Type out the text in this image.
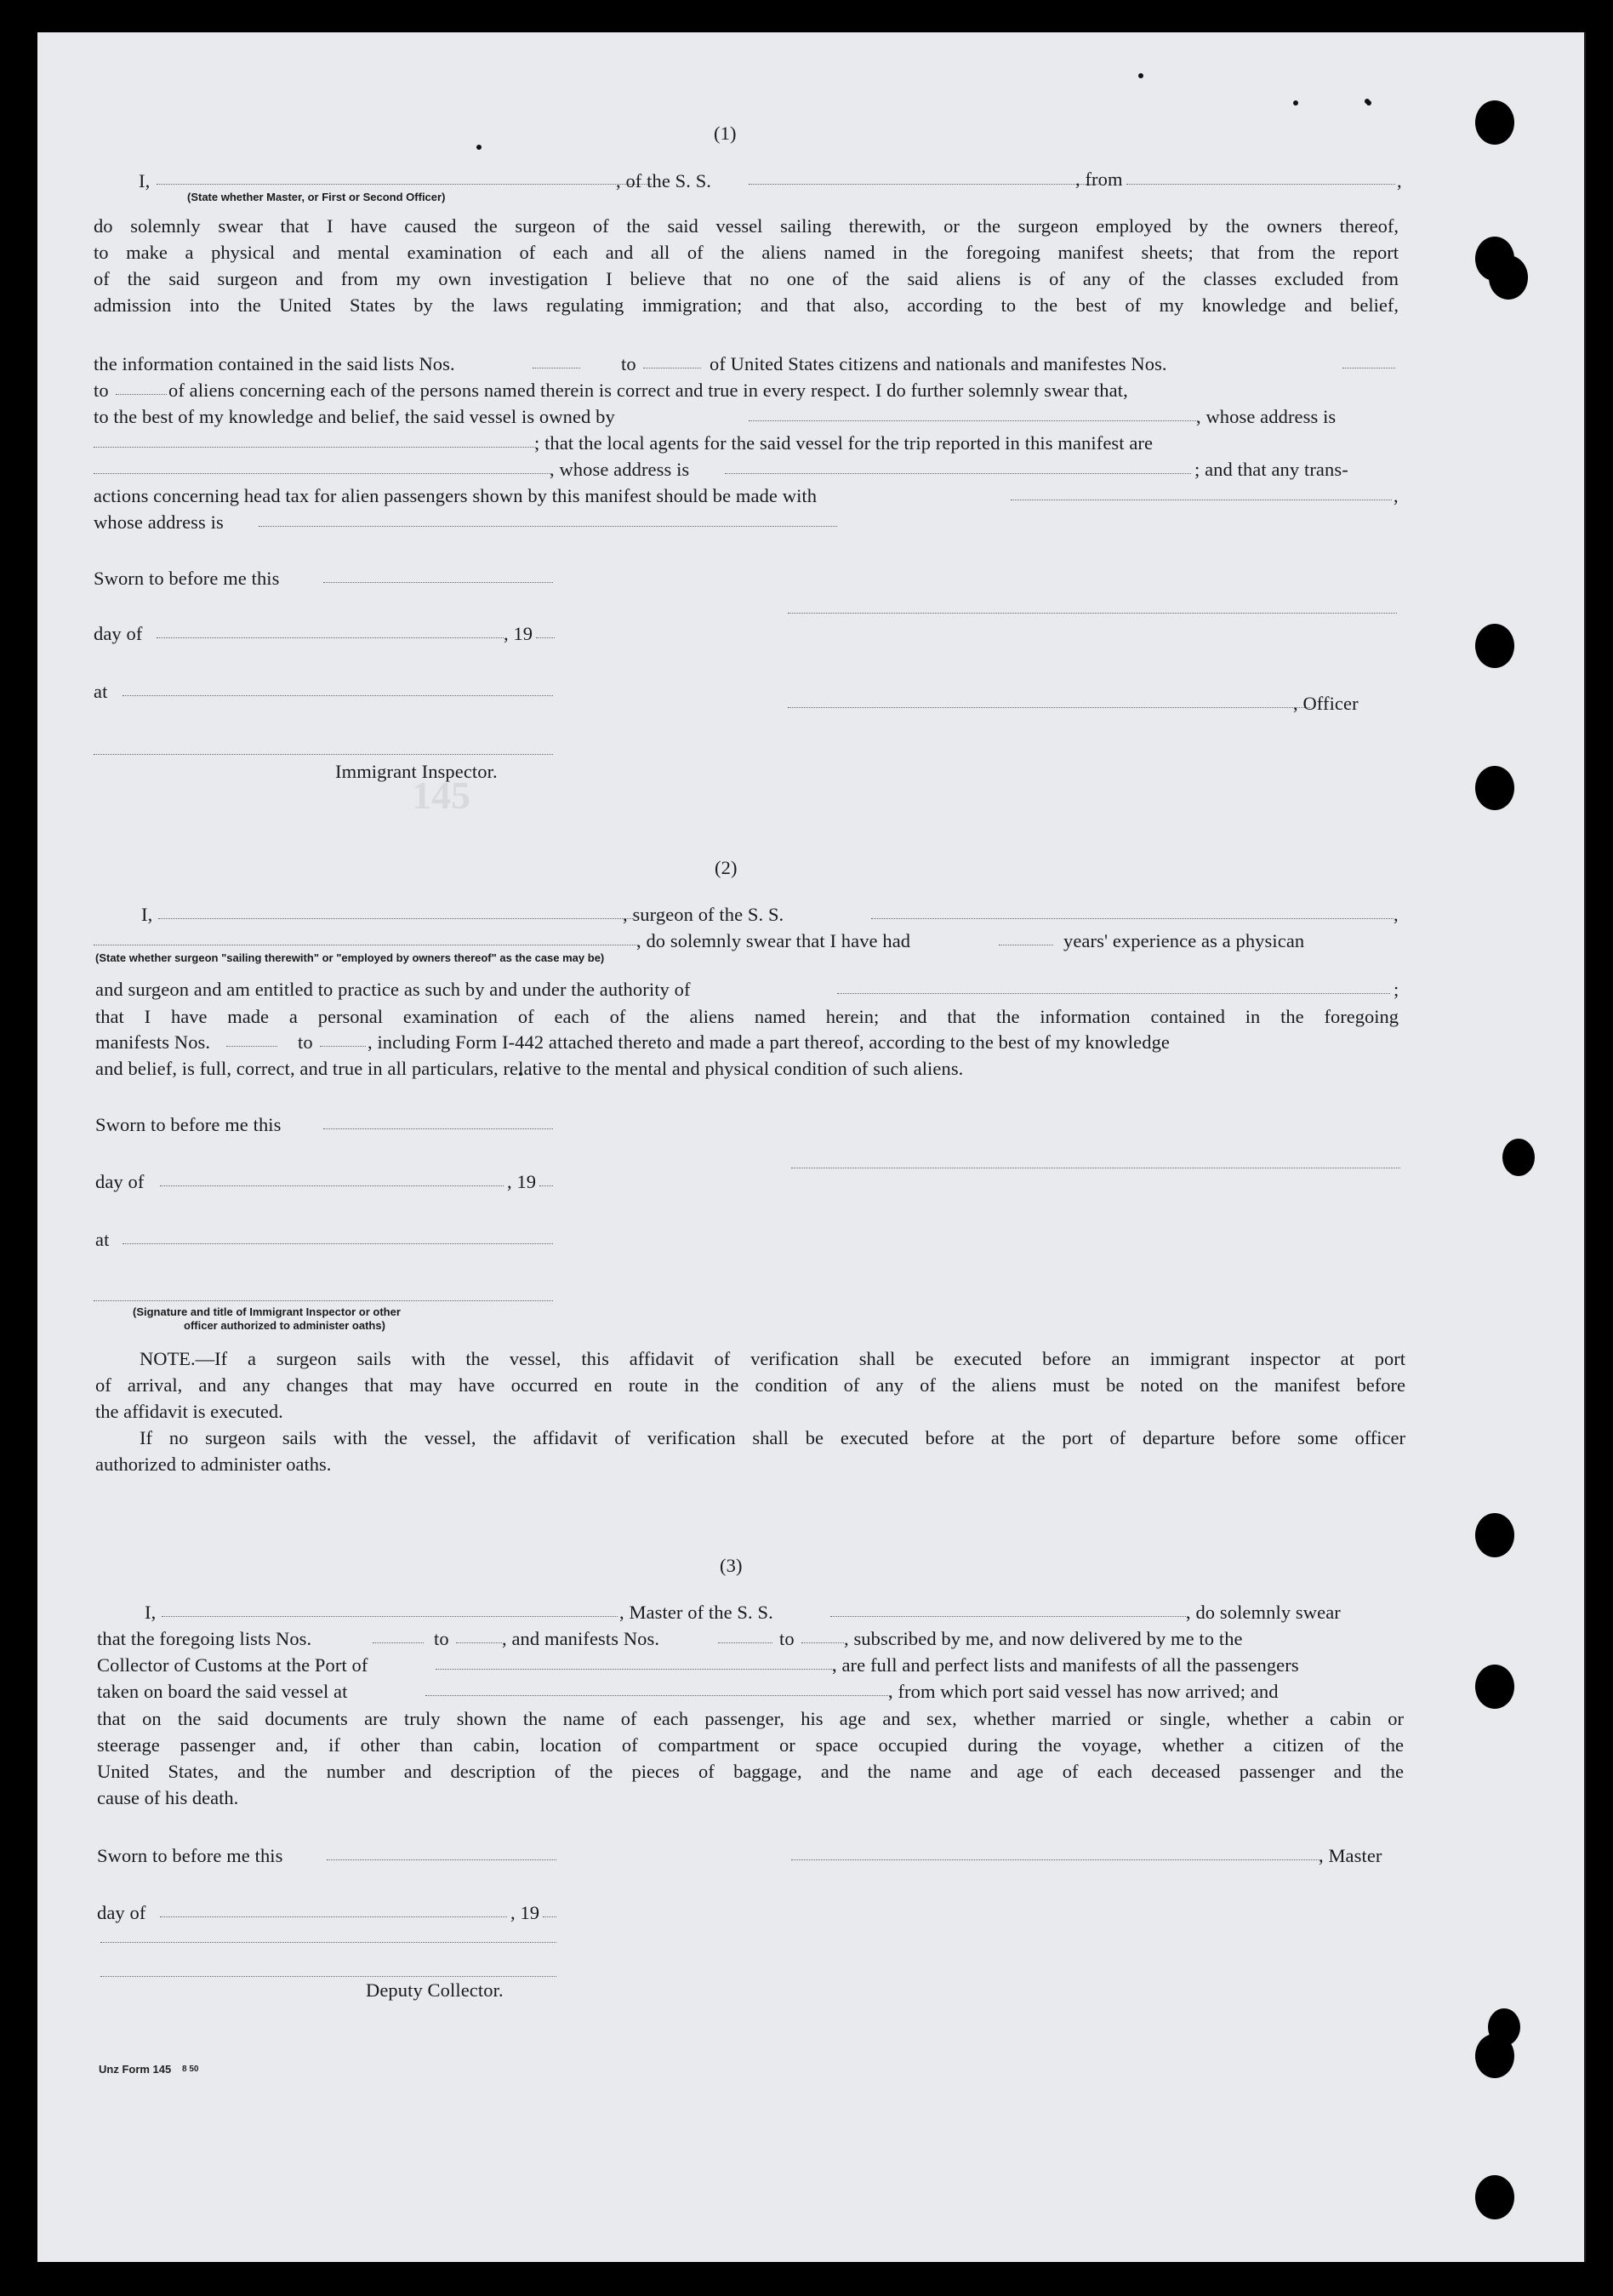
145
(1)
I,	, of the S. S.	, from	,
(State whether Master, or First or Second Officer)
do solemnly swear that I have caused the surgeon of the said vessel sailing therewith, or the surgeon employed by the owners thereof,
to make a physical and mental examination of each and all of the aliens named in the foregoing manifest sheets; that from the report
of the said surgeon and from my own investigation I believe that no one of the said aliens is of any of the classes excluded from
admission into the United States by the laws regulating immigration; and that also, according to the best of my knowledge and belief,
the information contained in the said lists Nos.	to	of United States citizens and nationals and manifestes Nos.
to	of aliens concerning each of the persons named therein is correct and true in every respect. I do further solemnly swear that,
to the best of my knowledge and belief, the said vessel is owned by	, whose address is
; that the local agents for the said vessel for the trip reported in this manifest are
, whose address is	; and that any trans-
actions concerning head tax for alien passengers shown by this manifest should be made with	,
whose address is
Sworn to before me this
day of	, 19
at
, Officer
Immigrant Inspector.
(2)
I,	, surgeon of the S. S.	,
, do solemnly swear that I have had	years' experience as a physican
(State whether surgeon "sailing therewith" or "employed by owners thereof" as the case may be)
and surgeon and am entitled to practice as such by and under the authority of	;
that I have made a personal examination of each of the aliens named herein; and that the information contained in the foregoing
manifests Nos.	to	, including Form I-442 attached thereto and made a part thereof, according to the best of my knowledge
and belief, is full, correct, and true in all particulars, relative to the mental and physical condition of such aliens.
Sworn to before me this
day of	, 19
at
(Signature and title of Immigrant Inspector or other
officer authorized to administer oaths)
NOTE.—If a surgeon sails with the vessel, this affidavit of verification shall be executed before an immigrant inspector at port
of arrival, and any changes that may have occurred en route in the condition of any of the aliens must be noted on the manifest before
the affidavit is executed.
If no surgeon sails with the vessel, the affidavit of verification shall be executed before at the port of departure before some officer
authorized to administer oaths.
(3)
I,	, Master of the S. S.	, do solemnly swear
that the foregoing lists Nos.	to	, and manifests Nos.	to	, subscribed by me, and now delivered by me to the
Collector of Customs at the Port of	, are full and perfect lists and manifests of all the passengers
taken on board the said vessel at	, from which port said vessel has now arrived; and
that on the said documents are truly shown the name of each passenger, his age and sex, whether married or single, whether a cabin or
steerage passenger and, if other than cabin, location of compartment or space occupied during the voyage, whether a citizen of the
United States, and the number and description of the pieces of baggage, and the name and age of each deceased passenger and the
cause of his death.
Sworn to before me this	, Master
day of	, 19
Deputy Collector.
Unz Form 145 8 50
